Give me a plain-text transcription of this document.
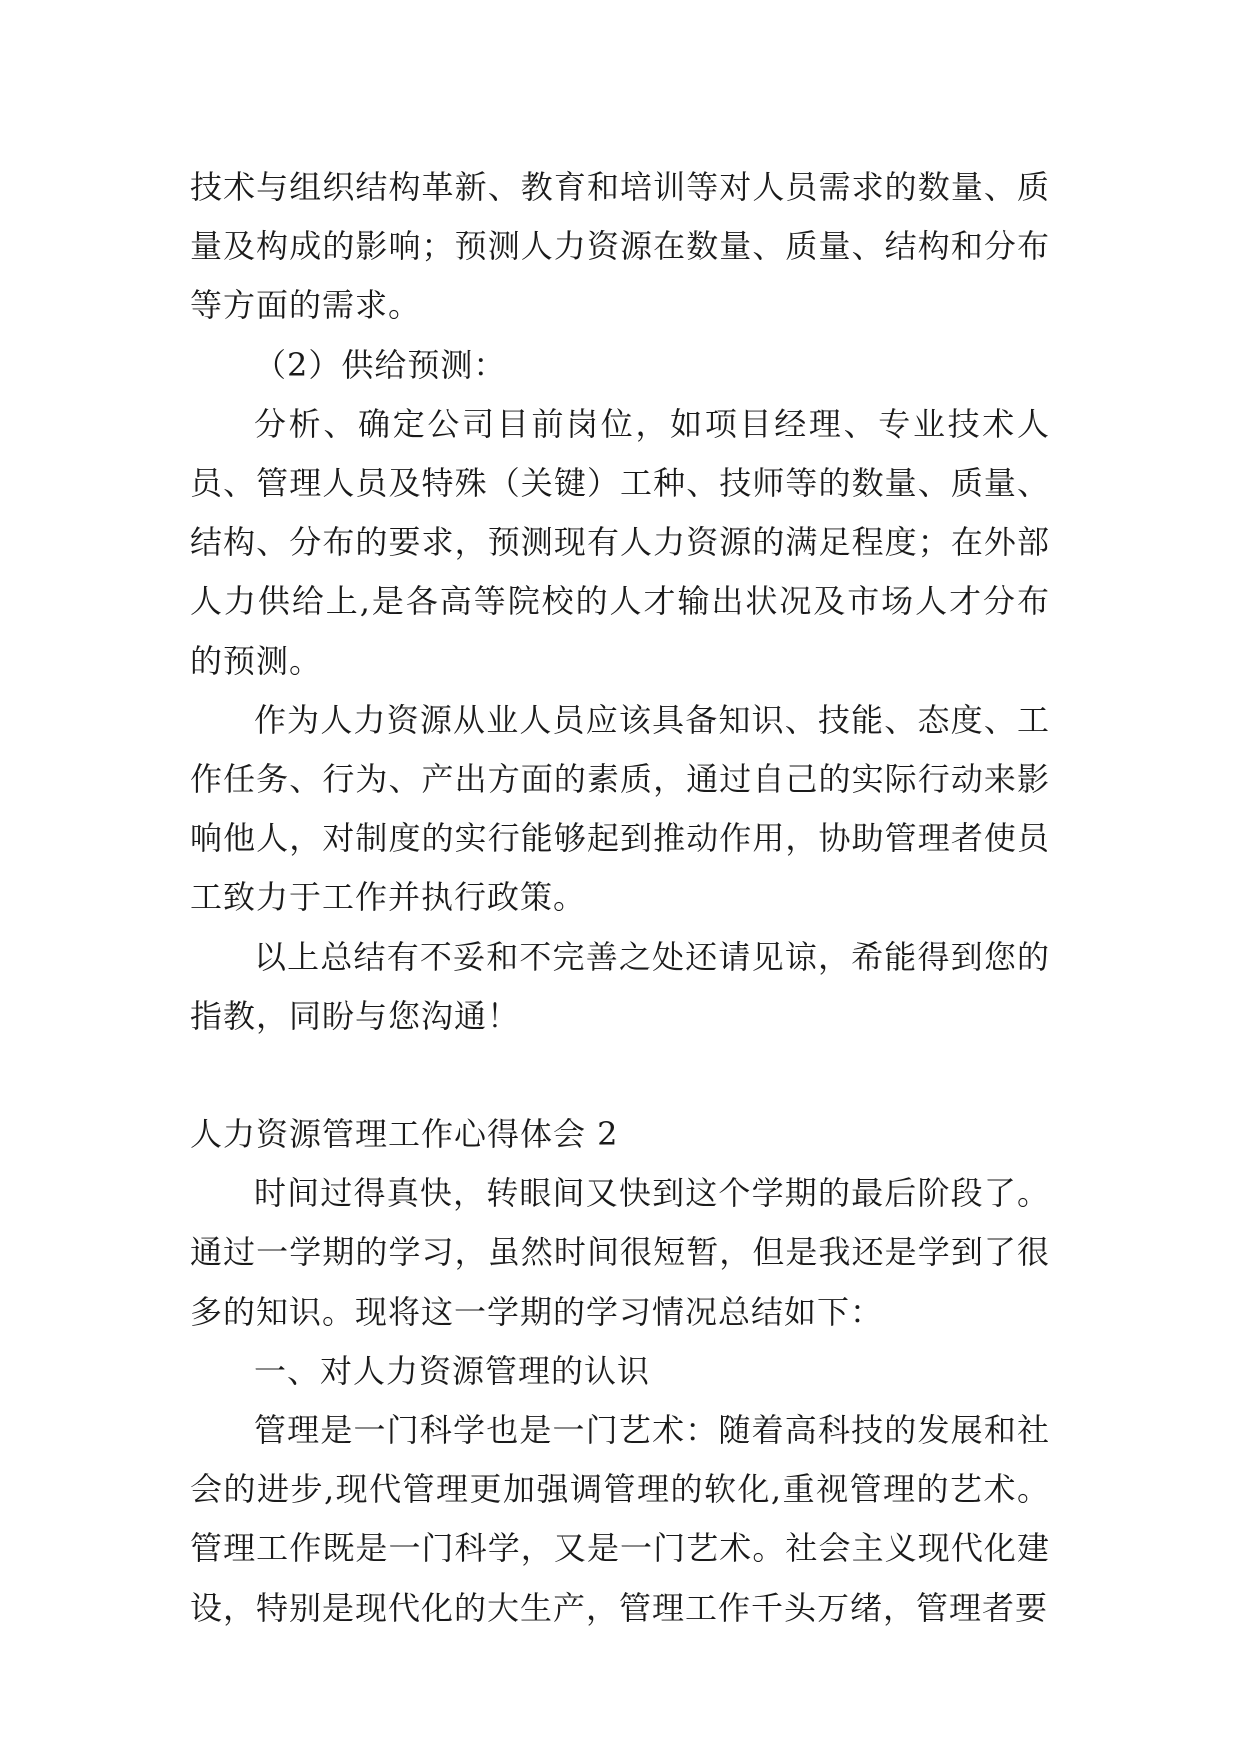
技术与组织结构革新、教育和培训等对人员需求的数量、质量及构成的影响；预测人力资源在数量、质量、结构和分布等方面的需求。

（2）供给预测：

分析、确定公司目前岗位，如项目经理、专业技术人员、管理人员及特殊（关键）工种、技师等的数量、质量、结构、分布的要求，预测现有人力资源的满足程度；在外部人力供给上,是各高等院校的人才输出状况及市场人才分布的预测。

作为人力资源从业人员应该具备知识、技能、态度、工作任务、行为、产出方面的素质，通过自己的实际行动来影响他人，对制度的实行能够起到推动作用，协助管理者使员工致力于工作并执行政策。

以上总结有不妥和不完善之处还请见谅，希能得到您的指教，同盼与您沟通！

人力资源管理工作心得体会 2

时间过得真快，转眼间又快到这个学期的最后阶段了。通过一学期的学习，虽然时间很短暂，但是我还是学到了很多的知识。现将这一学期的学习情况总结如下：

一、对人力资源管理的认识

管理是一门科学也是一门艺术：随着高科技的发展和社会的进步,现代管理更加强调管理的软化,重视管理的艺术。管理工作既是一门科学，又是一门艺术。社会主义现代化建设，特别是现代化的大生产，管理工作千头万绪，管理者要
